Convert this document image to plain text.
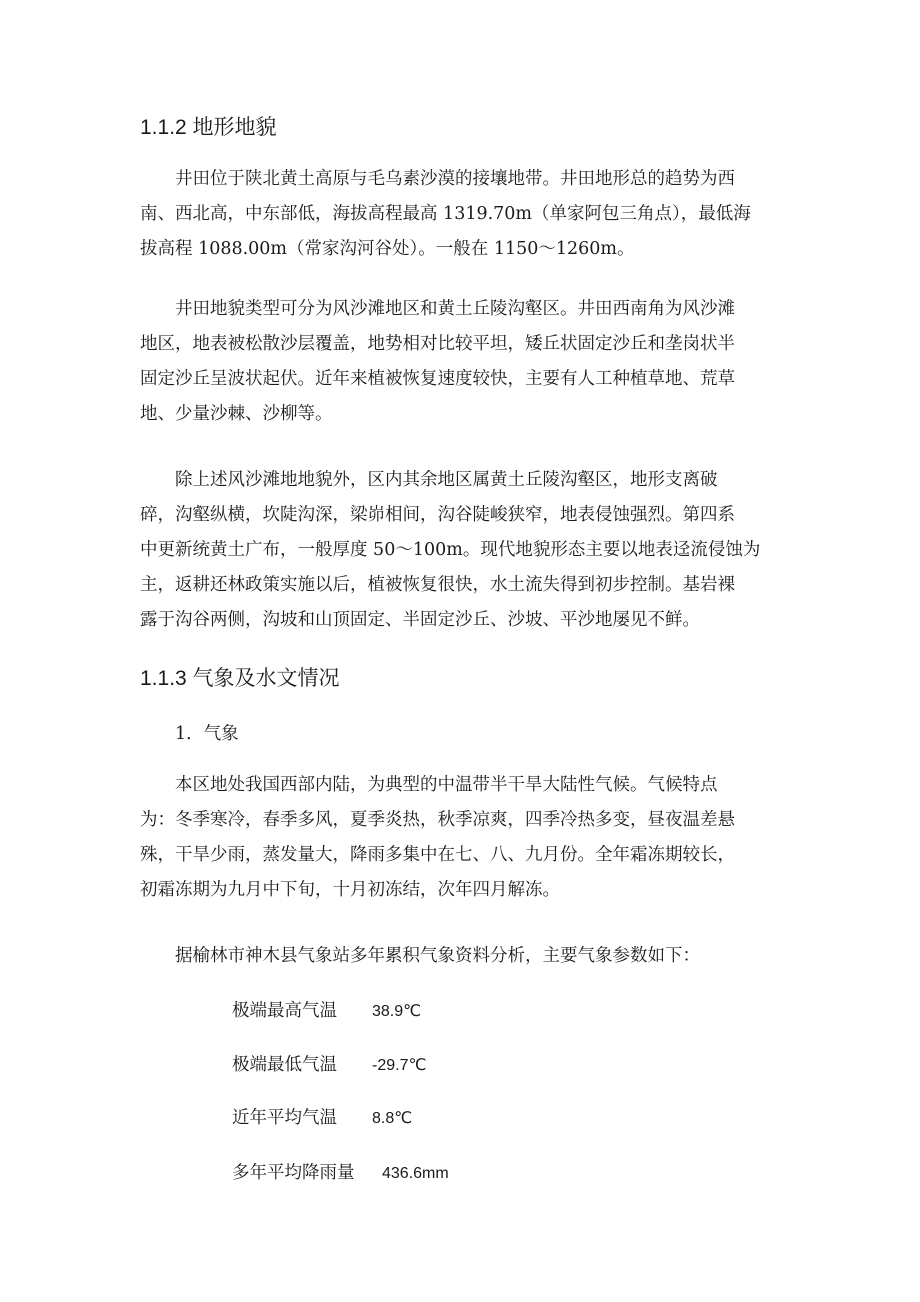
1.1.2 地形地貌

井田位于陕北黄土高原与毛乌素沙漠的接壤地带。井田地形总的趋势为西
南、西北高，中东部低，海拔高程最高 1319.70m（单家阿包三角点），最低海
拔高程 1088.00m（常家沟河谷处）。一般在 1150～1260m。

井田地貌类型可分为风沙滩地区和黄土丘陵沟壑区。井田西南角为风沙滩
地区，地表被松散沙层覆盖，地势相对比较平坦，矮丘状固定沙丘和垄岗状半
固定沙丘呈波状起伏。近年来植被恢复速度较快，主要有人工种植草地、荒草
地、少量沙棘、沙柳等。

除上述风沙滩地地貌外，区内其余地区属黄土丘陵沟壑区，地形支离破
碎，沟壑纵横，坎陡沟深，梁峁相间，沟谷陡峻狭窄，地表侵蚀强烈。第四系
中更新统黄土广布，一般厚度 50～100m。现代地貌形态主要以地表迳流侵蚀为
主，返耕还林政策实施以后，植被恢复很快，水土流失得到初步控制。基岩裸
露于沟谷两侧，沟坡和山顶固定、半固定沙丘、沙坡、平沙地屡见不鲜。

1.1.3 气象及水文情况

1．气象

本区地处我国西部内陆，为典型的中温带半干旱大陆性气候。气候特点
为：冬季寒冷，春季多风，夏季炎热，秋季凉爽，四季冷热多变，昼夜温差悬
殊，干旱少雨，蒸发量大，降雨多集中在七、八、九月份。全年霜冻期较长，
初霜冻期为九月中下旬，十月初冻结，次年四月解冻。

据榆林市神木县气象站多年累积气象资料分析，主要气象参数如下：

极端最高气温 38.9℃

极端最低气温 -29.7℃

近年平均气温 8.8℃

多年平均降雨量 436.6mm
